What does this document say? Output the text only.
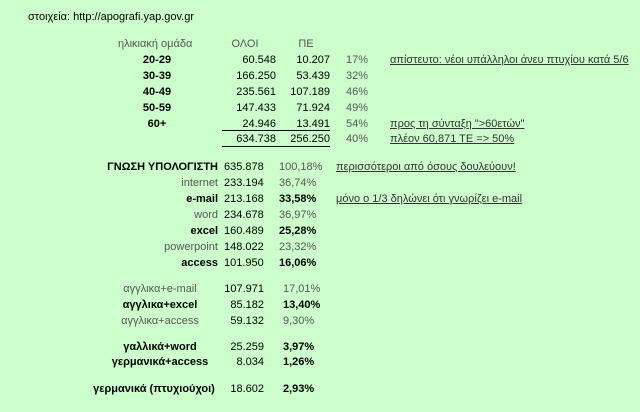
στοιχεία: http://apografi.yap.gov.gr
ηλικιακή ομάδα	ΟΛΟΙ	ΠΕ
20-29	60.548	10.207 17% απίστευτο: νέοι υπάλληλοι άνευ πτυχίου κατά 5/6
30-39	166.250	53.439 32%
40-49	235.561	107.189 46%
50-59	147.433	71.924 49%
60+	24.946	13.491 54% προς τη σύνταξη ">60ετών"
634.738	256.250 40% πλέον 60,871 ΤΕ => 50%
ΓΝΩΣΗ ΥΠΟΛΟΓΙΣΤΗ 635.878 100,18% περισσότεροι από όσους δουλεύουν!
internet 233.194 36,74%
e-mail 213.168 33,58% μόνο ο 1/3 δηλώνει ότι γνωρίζει e-mail
word 234.678 36,97%
excel 160.489 25,28%
powerpoint 148.022 23,32%
access 101.950 16,06%
αγγλικα+e-mail	107.971 17,01%
αγγλικα+excel	85.182 13,40%
αγγλικα+access	59.132 9,30%
γαλλικά+word	25.259 3,97%
γερμανικά+access	8.034 1,26%
γερμανικά (πτυχιούχοι)	18.602 2,93%
